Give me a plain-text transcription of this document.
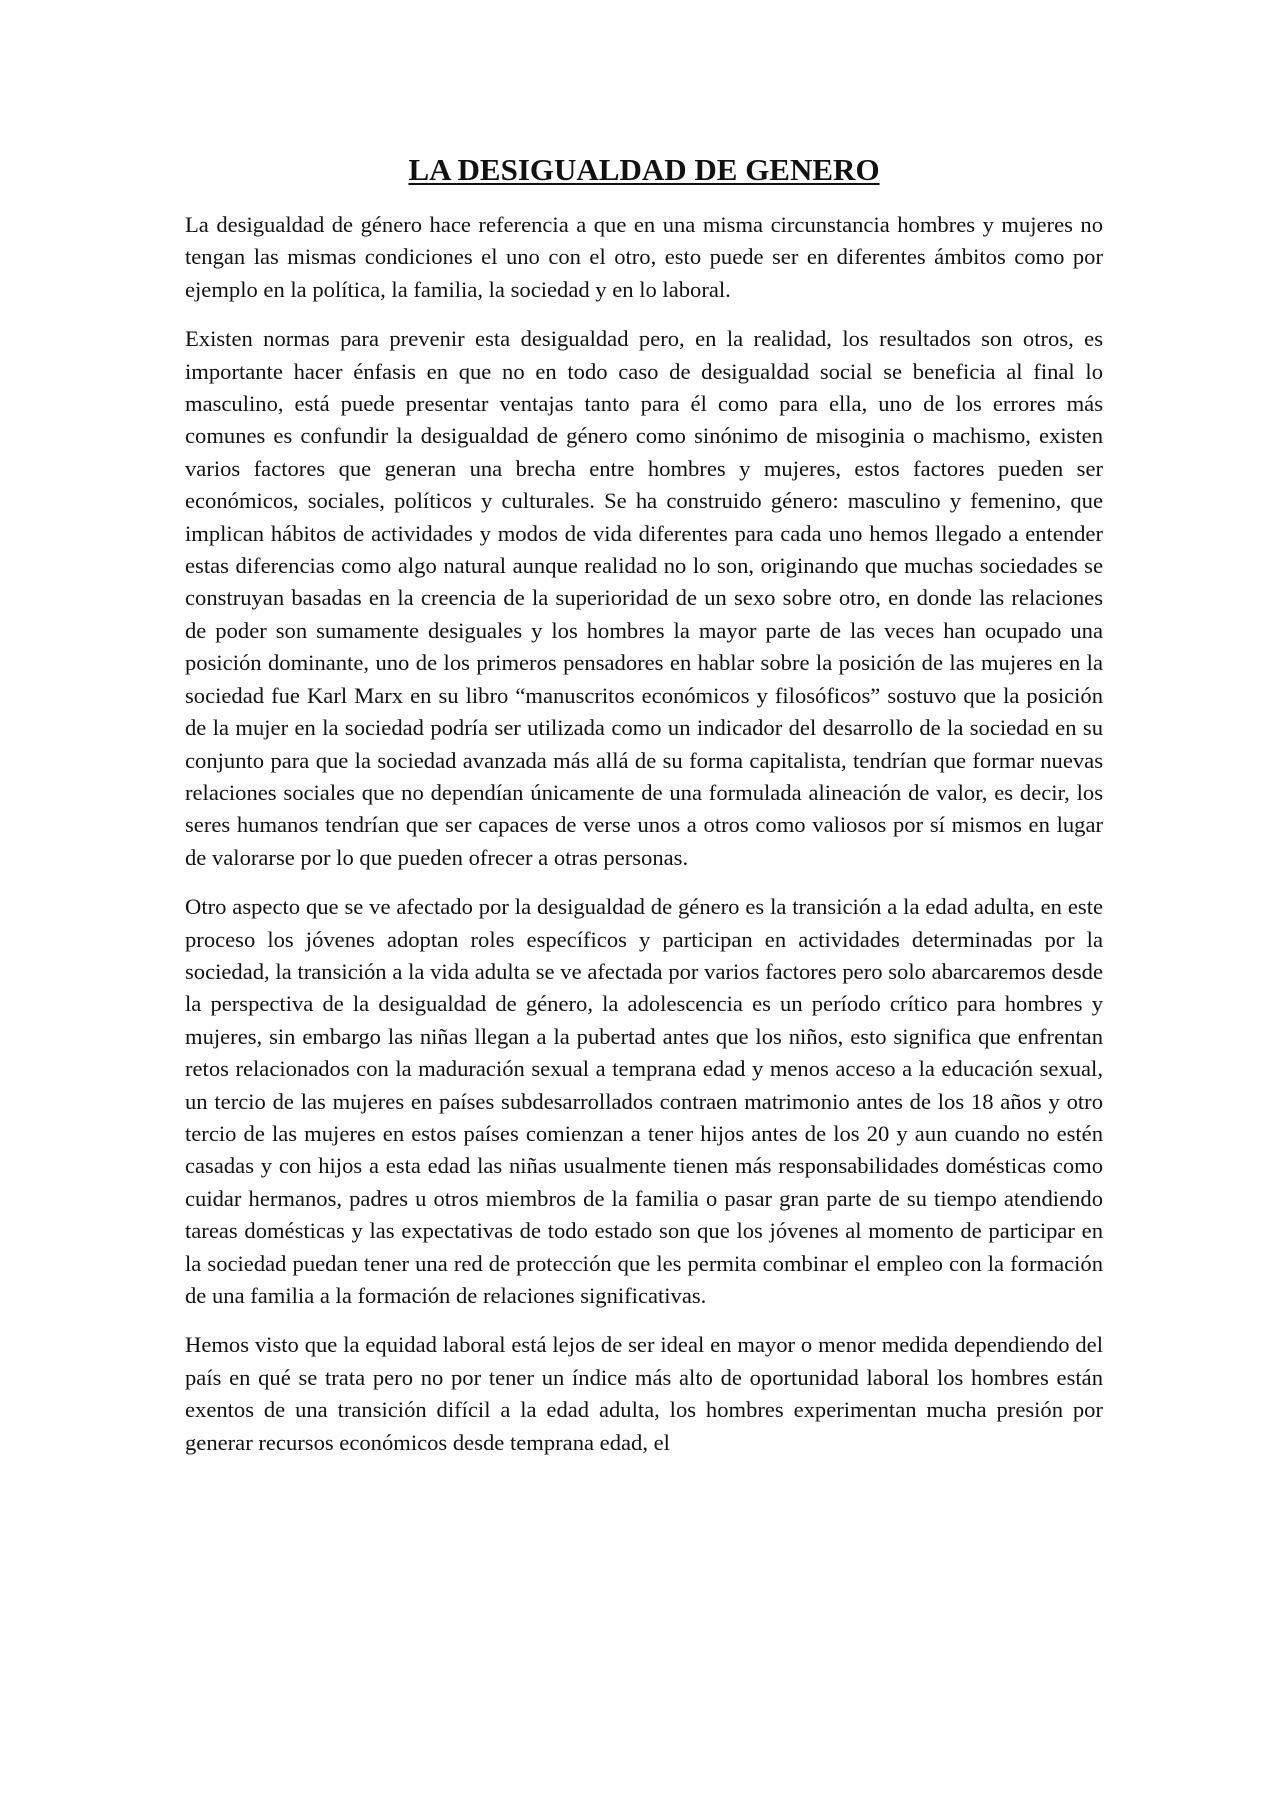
LA DESIGUALDAD DE GENERO

La desigualdad de género hace referencia a que en una misma circunstancia hombres y mujeres no tengan las mismas condiciones el uno con el otro, esto puede ser en diferentes ámbitos como por ejemplo en la política, la familia, la sociedad y en lo laboral.

Existen normas para prevenir esta desigualdad pero, en la realidad, los resultados son otros, es importante hacer énfasis en que no en todo caso de desigualdad social se beneficia al final lo masculino, está puede presentar ventajas tanto para él como para ella, uno de los errores más comunes es confundir la desigualdad de género como sinónimo de misoginia o machismo, existen varios factores que generan una brecha entre hombres y mujeres, estos factores pueden ser económicos, sociales, políticos y culturales. Se ha construido género: masculino y femenino, que implican hábitos de actividades y modos de vida diferentes para cada uno hemos llegado a entender estas diferencias como algo natural aunque realidad no lo son, originando que muchas sociedades se construyan basadas en la creencia de la superioridad de un sexo sobre otro, en donde las relaciones de poder son sumamente desiguales y los hombres la mayor parte de las veces han ocupado una posición dominante, uno de los primeros pensadores en hablar sobre la posición de las mujeres en la sociedad fue Karl Marx en su libro “manuscritos económicos y filosóficos” sostuvo que la posición de la mujer en la sociedad podría ser utilizada como un indicador del desarrollo de la sociedad en su conjunto para que la sociedad avanzada más allá de su forma capitalista, tendrían que formar nuevas relaciones sociales que no dependían únicamente de una formulada alineación de valor, es decir, los seres humanos tendrían que ser capaces de verse unos a otros como valiosos por sí mismos en lugar de valorarse por lo que pueden ofrecer a otras personas.

Otro aspecto que se ve afectado por la desigualdad de género es la transición a la edad adulta, en este proceso los jóvenes adoptan roles específicos y participan en actividades determinadas por la sociedad, la transición a la vida adulta se ve afectada por varios factores pero solo abarcaremos desde la perspectiva de la desigualdad de género, la adolescencia es un período crítico para hombres y mujeres, sin embargo las niñas llegan a la pubertad antes que los niños, esto significa que enfrentan retos relacionados con la maduración sexual a temprana edad y menos acceso a la educación sexual, un tercio de las mujeres en países subdesarrollados contraen matrimonio antes de los 18 años y otro tercio de las mujeres en estos países comienzan a tener hijos antes de los 20 y aun cuando no estén casadas y con hijos a esta edad las niñas usualmente tienen más responsabilidades domésticas como cuidar hermanos, padres u otros miembros de la familia o pasar gran parte de su tiempo atendiendo tareas domésticas y las expectativas de todo estado son que los jóvenes al momento de participar en la sociedad puedan tener una red de protección que les permita combinar el empleo con la formación de una familia a la formación de relaciones significativas.

Hemos visto que la equidad laboral está lejos de ser ideal en mayor o menor medida dependiendo del país en qué se trata pero no por tener un índice más alto de oportunidad laboral los hombres están exentos de una transición difícil a la edad adulta, los hombres experimentan mucha presión por generar recursos económicos desde temprana edad, el
